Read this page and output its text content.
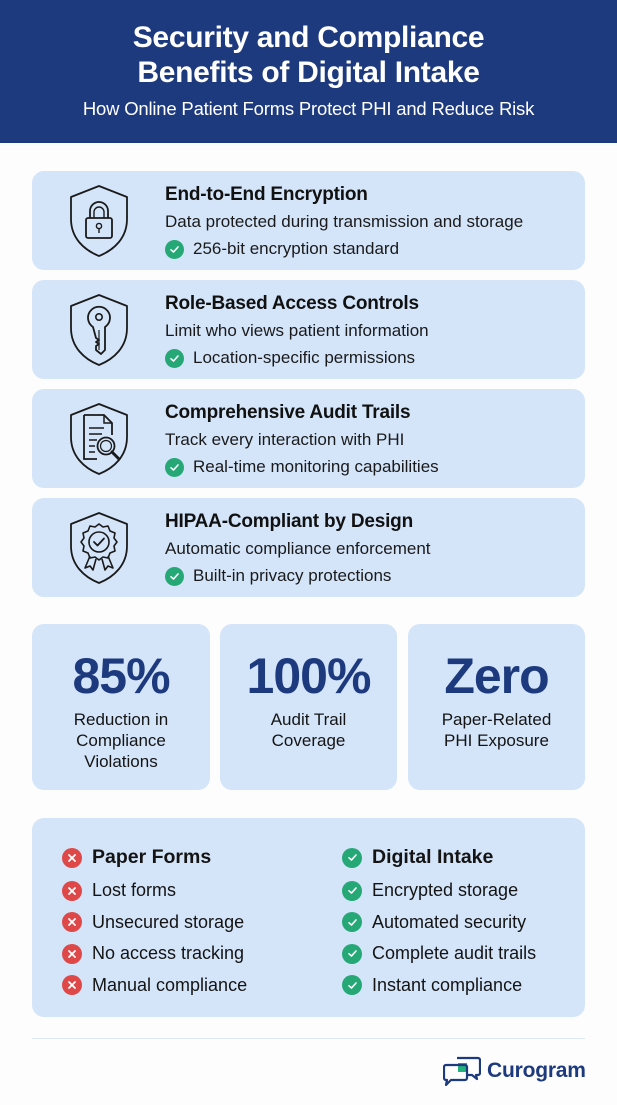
Security and Compliance
Benefits of Digital Intake
How Online Patient Forms Protect PHI and Reduce Risk
End-to-End Encryption
Data protected during transmission and storage
256-bit encryption standard
Role-Based Access Controls
Limit who views patient information
Location-specific permissions
Comprehensive Audit Trails
Track every interaction with PHI
Real-time monitoring capabilities
HIPAA-Compliant by Design
Automatic compliance enforcement
Built-in privacy protections
85%
Reduction in
Compliance
Violations
100%
Audit Trail
Coverage
Zero
Paper-Related
PHI Exposure
Paper Forms
Lost forms
Unsecured storage
No access tracking
Manual compliance
Digital Intake
Encrypted storage
Automated security
Complete audit trails
Instant compliance
Curogram
